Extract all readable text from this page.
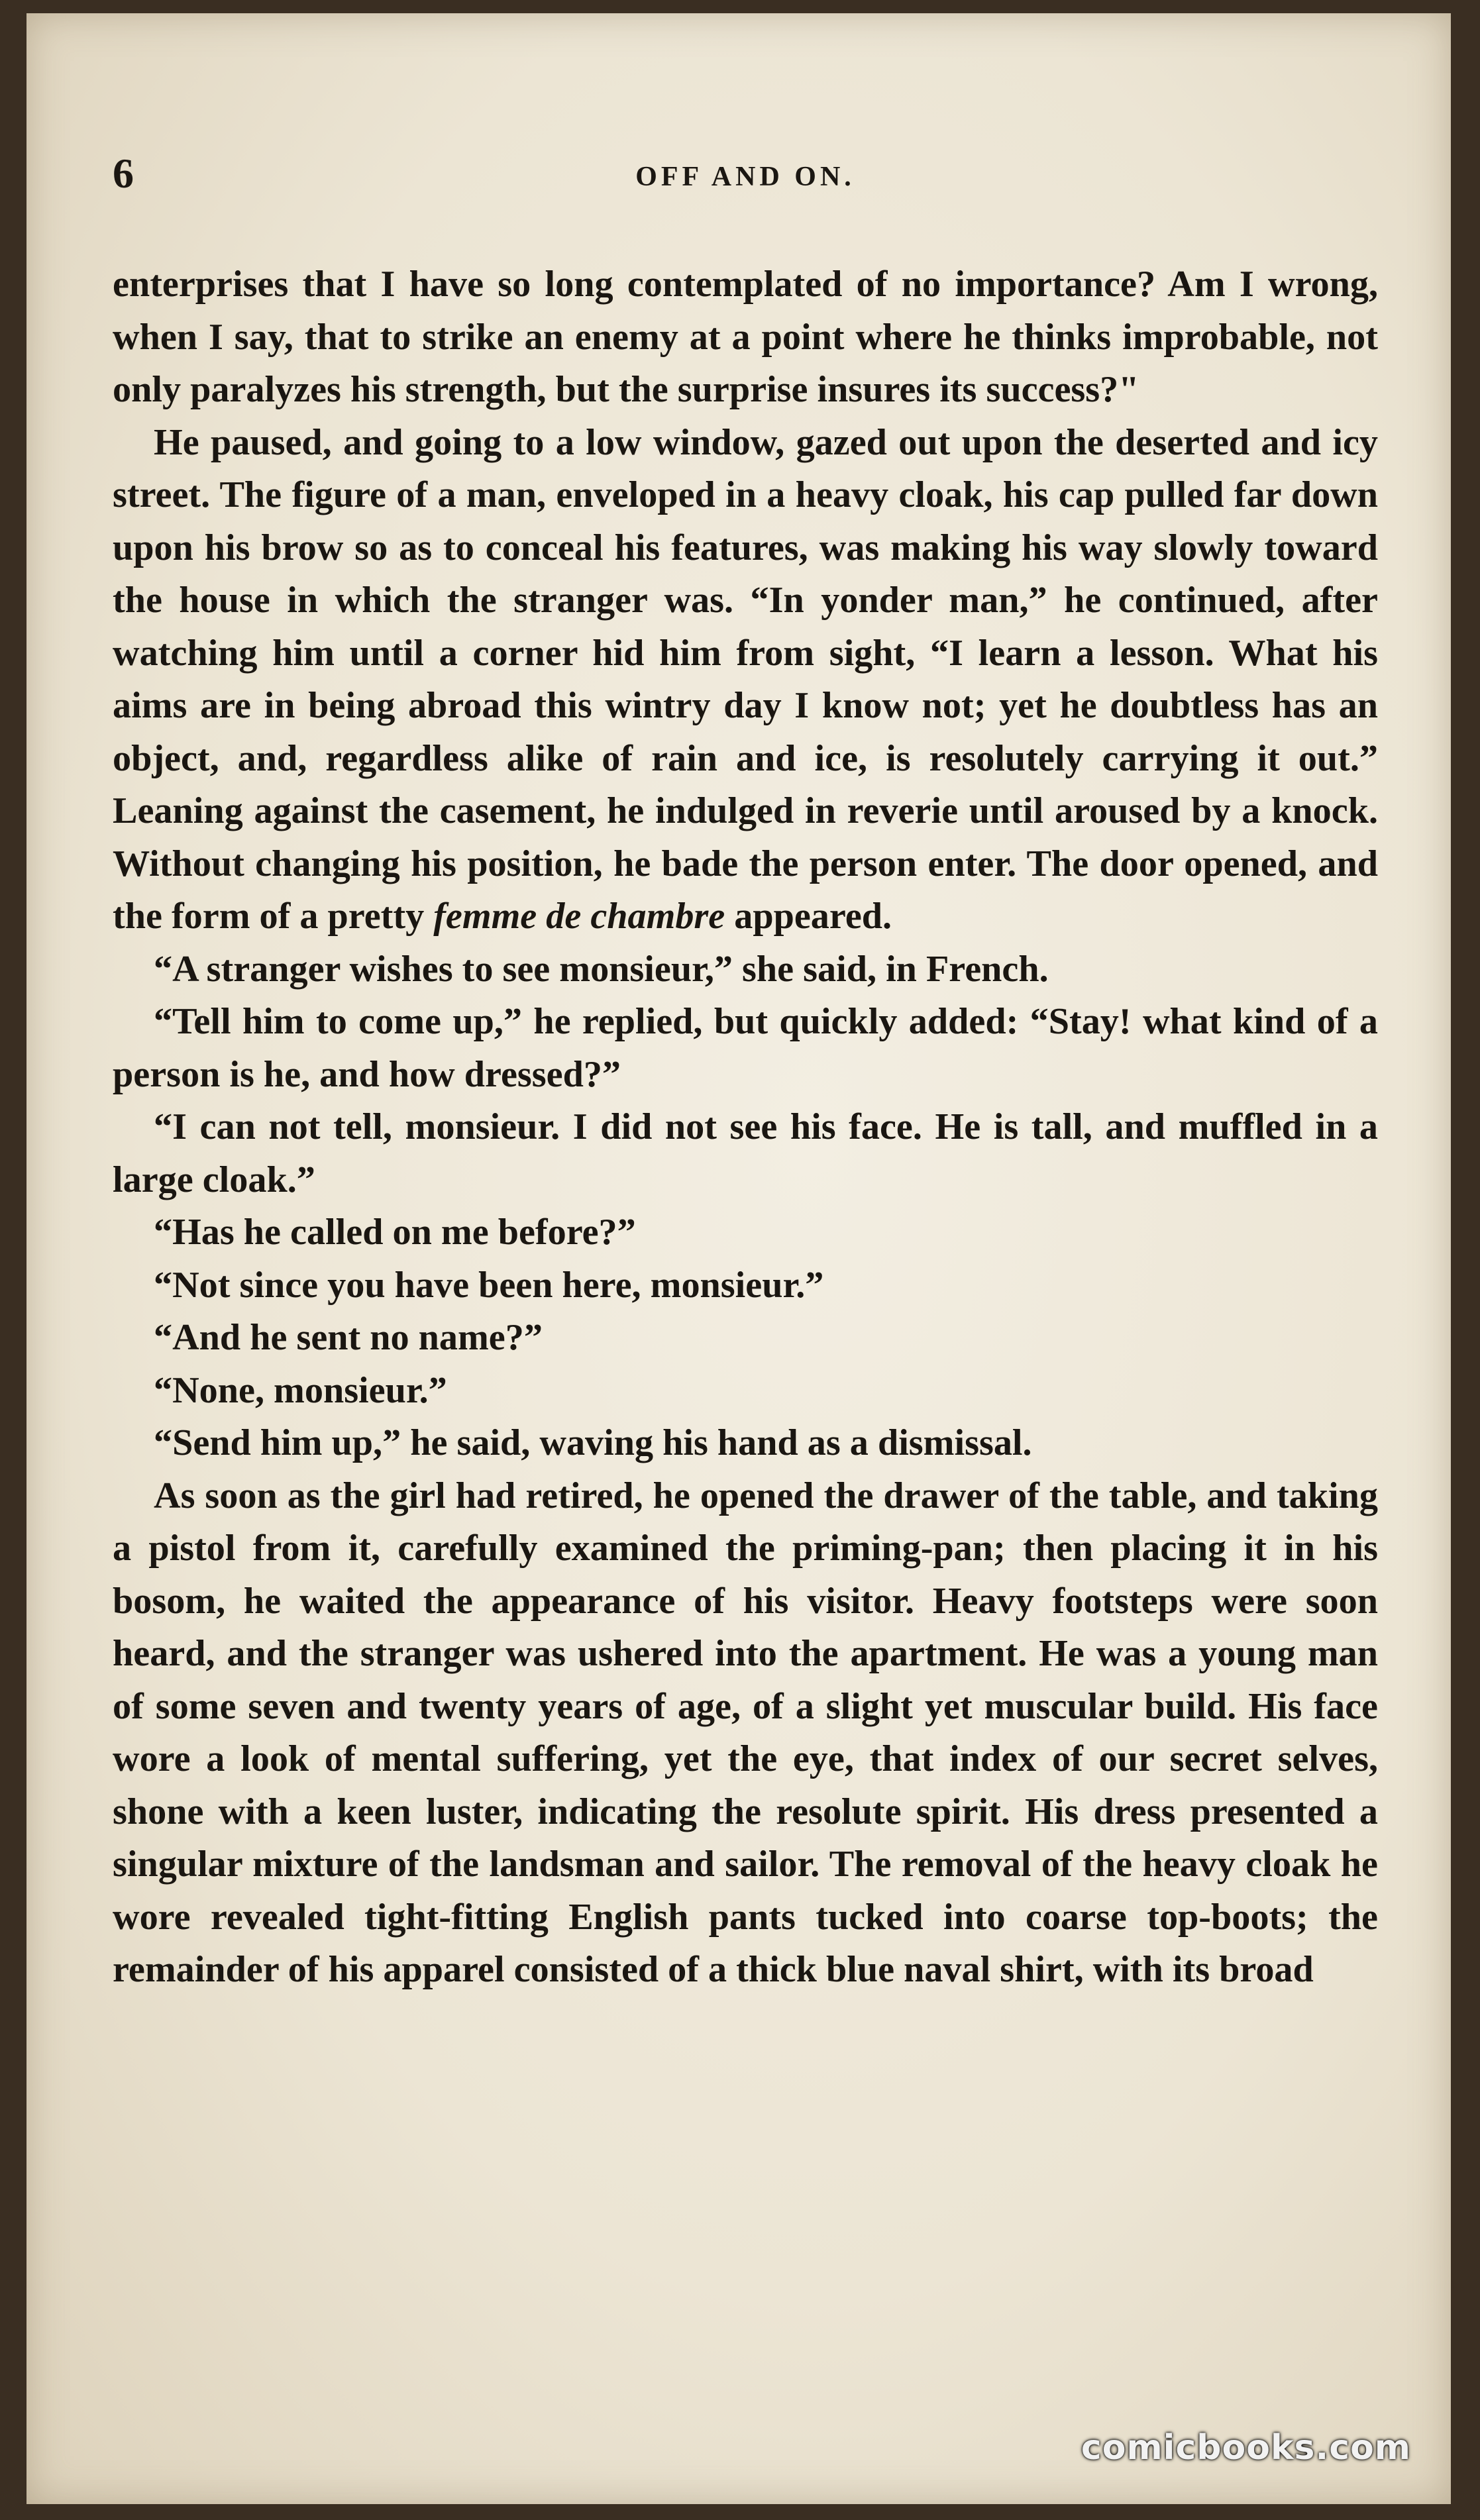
6	OFF AND ON.

enterprises that I have so long contemplated of no importance? Am I wrong, when I say, that to strike an enemy at a point where he thinks improbable, not only paralyzes his strength, but the surprise insures its success?"

He paused, and going to a low window, gazed out upon the deserted and icy street. The figure of a man, enveloped in a heavy cloak, his cap pulled far down upon his brow so as to conceal his features, was making his way slowly toward the house in which the stranger was. “In yonder man,” he continued, after watching him until a corner hid him from sight, “I learn a lesson. What his aims are in being abroad this wintry day I know not; yet he doubtless has an object, and, regardless alike of rain and ice, is resolutely carrying it out.” Leaning against the casement, he indulged in reverie until aroused by a knock. Without changing his position, he bade the person enter. The door opened, and the form of a pretty femme de chambre appeared.

“A stranger wishes to see monsieur,” she said, in French.

“Tell him to come up,” he replied, but quickly added: “Stay! what kind of a person is he, and how dressed?”

“I can not tell, monsieur. I did not see his face. He is tall, and muffled in a large cloak.”

“Has he called on me before?”

“Not since you have been here, monsieur.”

“And he sent no name?”

“None, monsieur.”

“Send him up,” he said, waving his hand as a dismissal.

As soon as the girl had retired, he opened the drawer of the table, and taking a pistol from it, carefully examined the priming-pan; then placing it in his bosom, he waited the appearance of his visitor. Heavy footsteps were soon heard, and the stranger was ushered into the apartment. He was a young man of some seven and twenty years of age, of a slight yet muscular build. His face wore a look of mental suffering, yet the eye, that index of our secret selves, shone with a keen luster, indicating the resolute spirit. His dress presented a singular mixture of the landsman and sailor. The removal of the heavy cloak he wore revealed tight-fitting English pants tucked into coarse top-boots; the remainder of his apparel consisted of a thick blue naval shirt, with its broad

comicbooks.com
